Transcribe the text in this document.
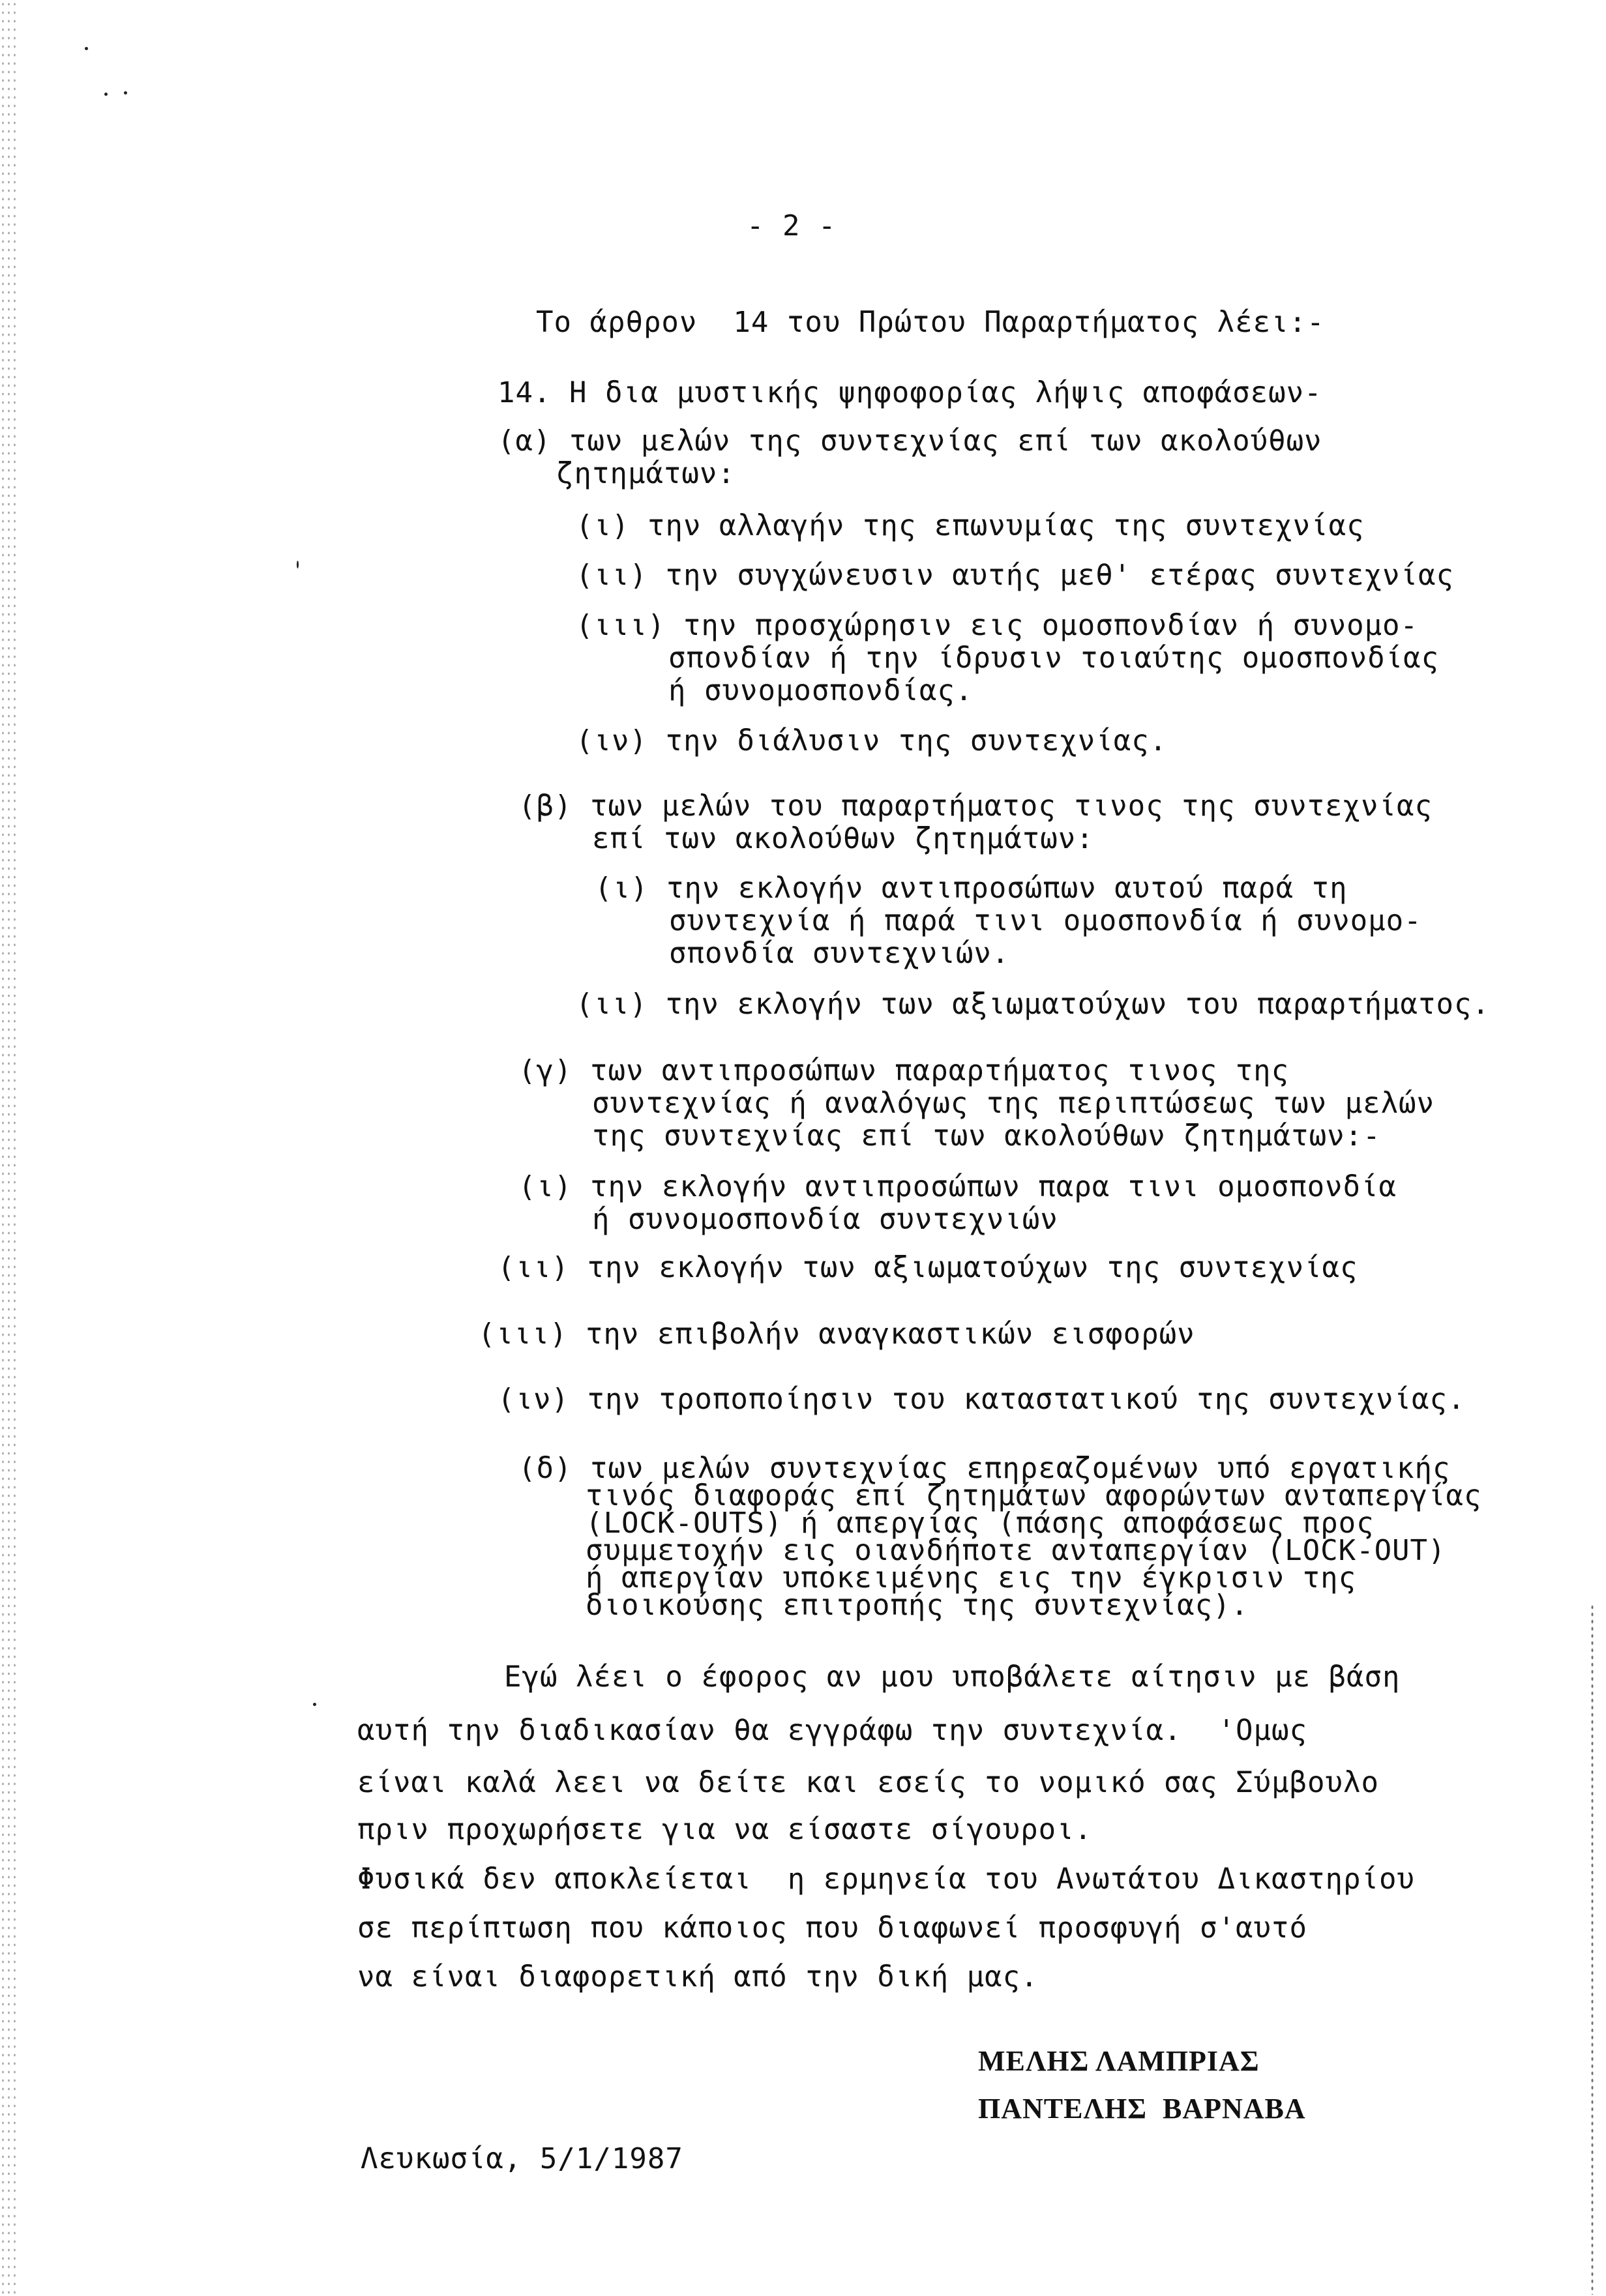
- 2 -
Το άρθρον  14 του Πρώτου Παραρτήματος λέει:-
14. Η δια μυστικής ψηφοφορίας λήψις αποφάσεων-
(α) των μελών της συντεχνίας επί των ακολούθων
ζητημάτων:
(ι) την αλλαγήν της επωνυμίας της συντεχνίας
(ιι) την συγχώνευσιν αυτής μεθ' ετέρας συντεχνίας
(ιιι) την προσχώρησιν εις ομοσπονδίαν ή συνομο-
σπονδίαν ή την ίδρυσιν τοιαύτης ομοσπονδίας
ή συνομοσπονδίας.
(ιν) την διάλυσιν της συντεχνίας.
(β) των μελών του παραρτήματος τινος της συντεχνίας
επί των ακολούθων ζητημάτων:
(ι) την εκλογήν αντιπροσώπων αυτού παρά τη
συντεχνία ή παρά τινι ομοσπονδία ή συνομο-
σπονδία συντεχνιών.
(ιι) την εκλογήν των αξιωματούχων του παραρτήματος.
(γ) των αντιπροσώπων παραρτήματος τινος της
συντεχνίας ή αναλόγως της περιπτώσεως των μελών
της συντεχνίας επί των ακολούθων ζητημάτων:-
(ι) την εκλογήν αντιπροσώπων παρα τινι ομοσπονδία
ή συνομοσπονδία συντεχνιών
(ιι) την εκλογήν των αξιωματούχων της συντεχνίας
(ιιι) την επιβολήν αναγκαστικών εισφορών
(ιν) την τροποποίησιν του καταστατικού της συντεχνίας.
(δ) των μελών συντεχνίας επηρεαζομένων υπό εργατικής
τινός διαφοράς επί ζητημάτων αφορώντων ανταπεργίας
(LOCK-OUTS) ή απεργίας (πάσης αποφάσεως προς
συμμετοχήν εις οιανδήποτε ανταπεργίαν (LOCK-OUT)
ή απεργίαν υποκειμένης εις την έγκρισιν της
διοικούσης επιτροπής της συντεχνίας).
Εγώ λέει ο έφορος αν μου υποβάλετε αίτησιν με βάση
αυτή την διαδικασίαν θα εγγράφω την συντεχνία.  'Ομως
είναι καλά λεει να δείτε και εσείς το νομικό σας Σύμβουλο
πριν προχωρήσετε για να είσαστε σίγουροι.
Φυσικά δεν αποκλείεται  η ερμηνεία του Ανωτάτου Δικαστηρίου
σε περίπτωση που κάποιος που διαφωνεί προσφυγή σ'αυτό
να είναι διαφορετική από την δική μας.
ΜΕΛΗΣ ΛΑΜΠΡΙΑΣ
ΠΑΝΤΕΛΗΣ  ΒΑΡΝΑΒΑ
Λευκωσία, 5/1/1987
